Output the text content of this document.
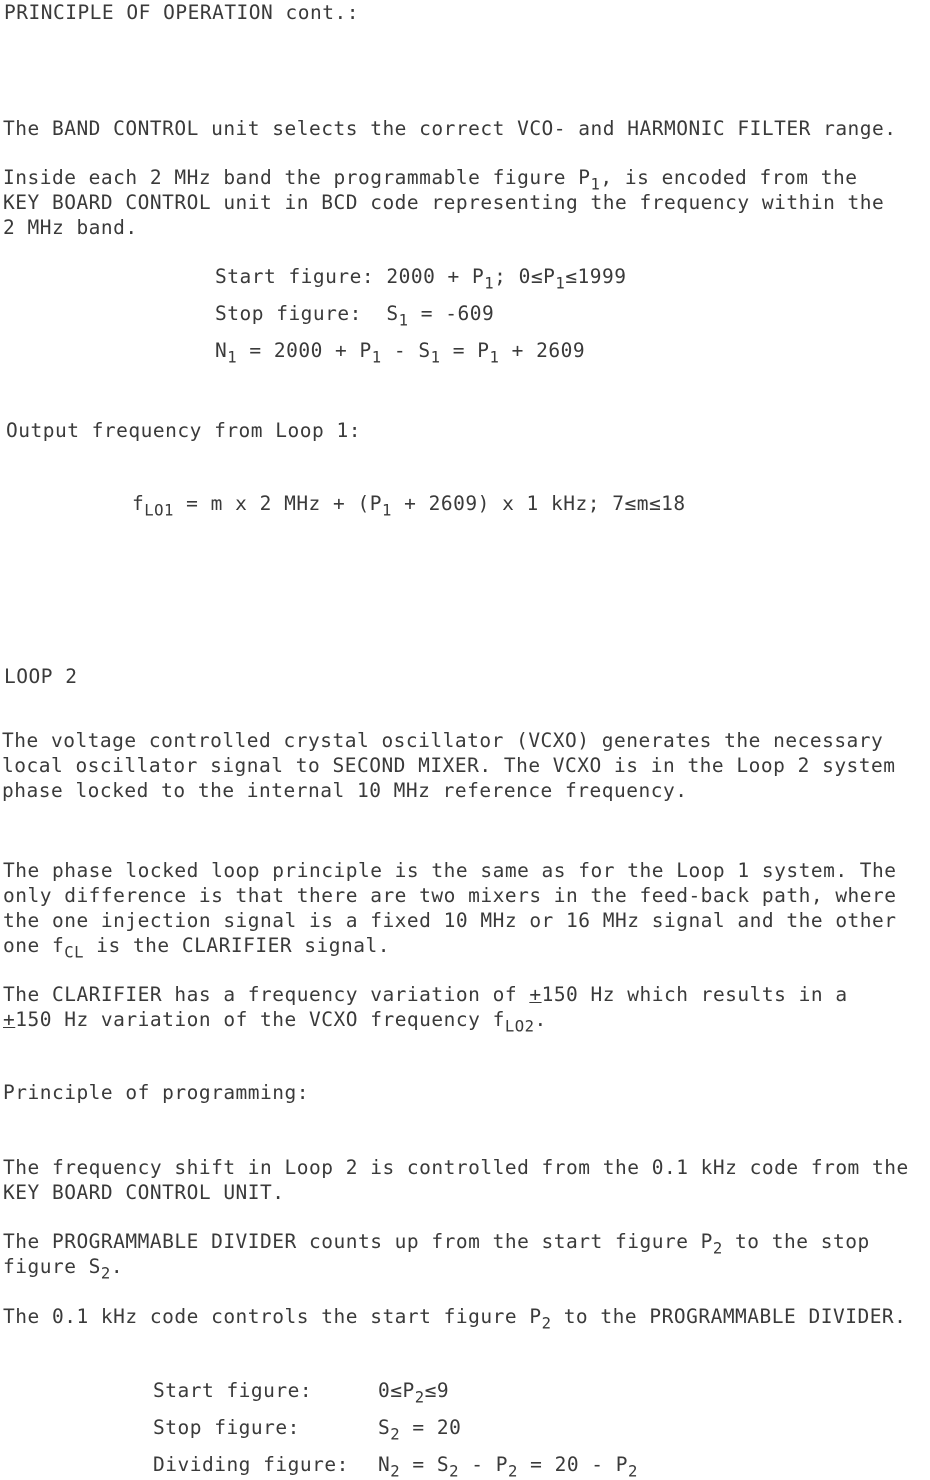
PRINCIPLE OF OPERATION cont.:
The BAND CONTROL unit selects the correct VCO- and HARMONIC FILTER range.
Inside each 2 MHz band the programmable figure $P_1$, is encoded from the
KEY BOARD CONTROL unit in BCD code representing the frequency within the
2 MHz band.
Start figure: $2000 + P_1$; $0\le P_1\le 1999$
Stop figure:  $S_1 = -609$
$N_1 = 2000 + P_1 - S_1 = P_1 + 2609$
Output frequency from Loop 1:
$f_{LO1} = m$ x 2 MHz + $(P_1 + 2609)$ x 1 kHz; 7≤m≤18
LOOP 2
The voltage controlled crystal oscillator (VCXO) generates the necessary
local oscillator signal to SECOND MIXER. The VCXO is in the Loop 2 system
phase locked to the internal 10 MHz reference frequency.
The phase locked loop principle is the same as for the Loop 1 system. The
only difference is that there are two mixers in the feed-back path, where
the one injection signal is a fixed 10 MHz or 16 MHz signal and the other
one $f_{CL}$ is the CLARIFIER signal.
The CLARIFIER has a frequency variation of +150 Hz which results in a
+150 Hz variation of the VCXO frequency $f_{LO2}$.
Principle of programming:
The frequency shift in Loop 2 is controlled from the 0.1 kHz code from the
KEY BOARD CONTROL UNIT.
The PROGRAMMABLE DIVIDER counts up from the start figure $P_2$ to the stop
figure $S_2$.
The 0.1 kHz code controls the start figure $P_2$ to the PROGRAMMABLE DIVIDER.
Start figure:	$0\le P_2\le 9$
Stop figure:	$S_2 = 20$
Dividing figure: $N_2 = S_2 - P_2 = 20 - P_2$
